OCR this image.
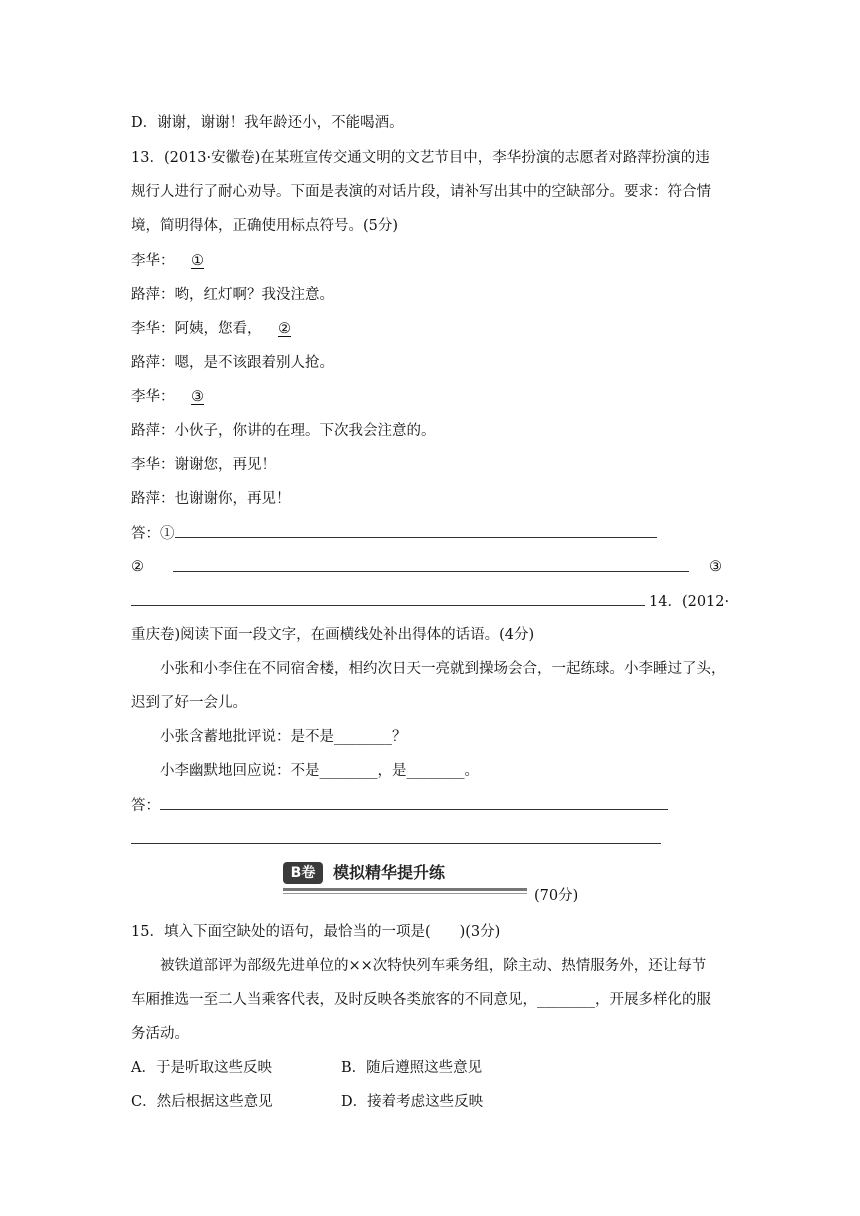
D．谢谢，谢谢！我年龄还小，不能喝酒。
13．(2013·安徽卷)在某班宣传交通文明的文艺节目中，李华扮演的志愿者对路萍扮演的违
规行人进行了耐心劝导。下面是表演的对话片段，请补写出其中的空缺部分。要求：符合情
境，简明得体，正确使用标点符号。(5分)
李华： ①
路萍：哟，红灯啊？我没注意。
李华：阿姨，您看， ②
路萍：嗯，是不该跟着别人抢。
李华： ③
路萍：小伙子，你讲的在理。下次我会注意的。
李华：谢谢您，再见！
路萍：也谢谢你，再见！
答：①
②	③
14．(2012·
重庆卷)阅读下面一段文字，在画横线处补出得体的话语。(4分)
小张和小李住在不同宿舍楼，相约次日天一亮就到操场会合，一起练球。小李睡过了头，
迟到了好一会儿。
小张含蓄地批评说：是不是________？
小李幽默地回应说：不是________，是________。
答：
B卷	模拟精华提升练
(70分)
15．填入下面空缺处的语句，最恰当的一项是(　　)(3分)
被铁道部评为部级先进单位的××次特快列车乘务组，除主动、热情服务外，还让每节
车厢推选一至二人当乘客代表，及时反映各类旅客的不同意见，________，开展多样化的服
务活动。
A．于是听取这些反映	B．随后遵照这些意见
C．然后根据这些意见	D．接着考虑这些反映
